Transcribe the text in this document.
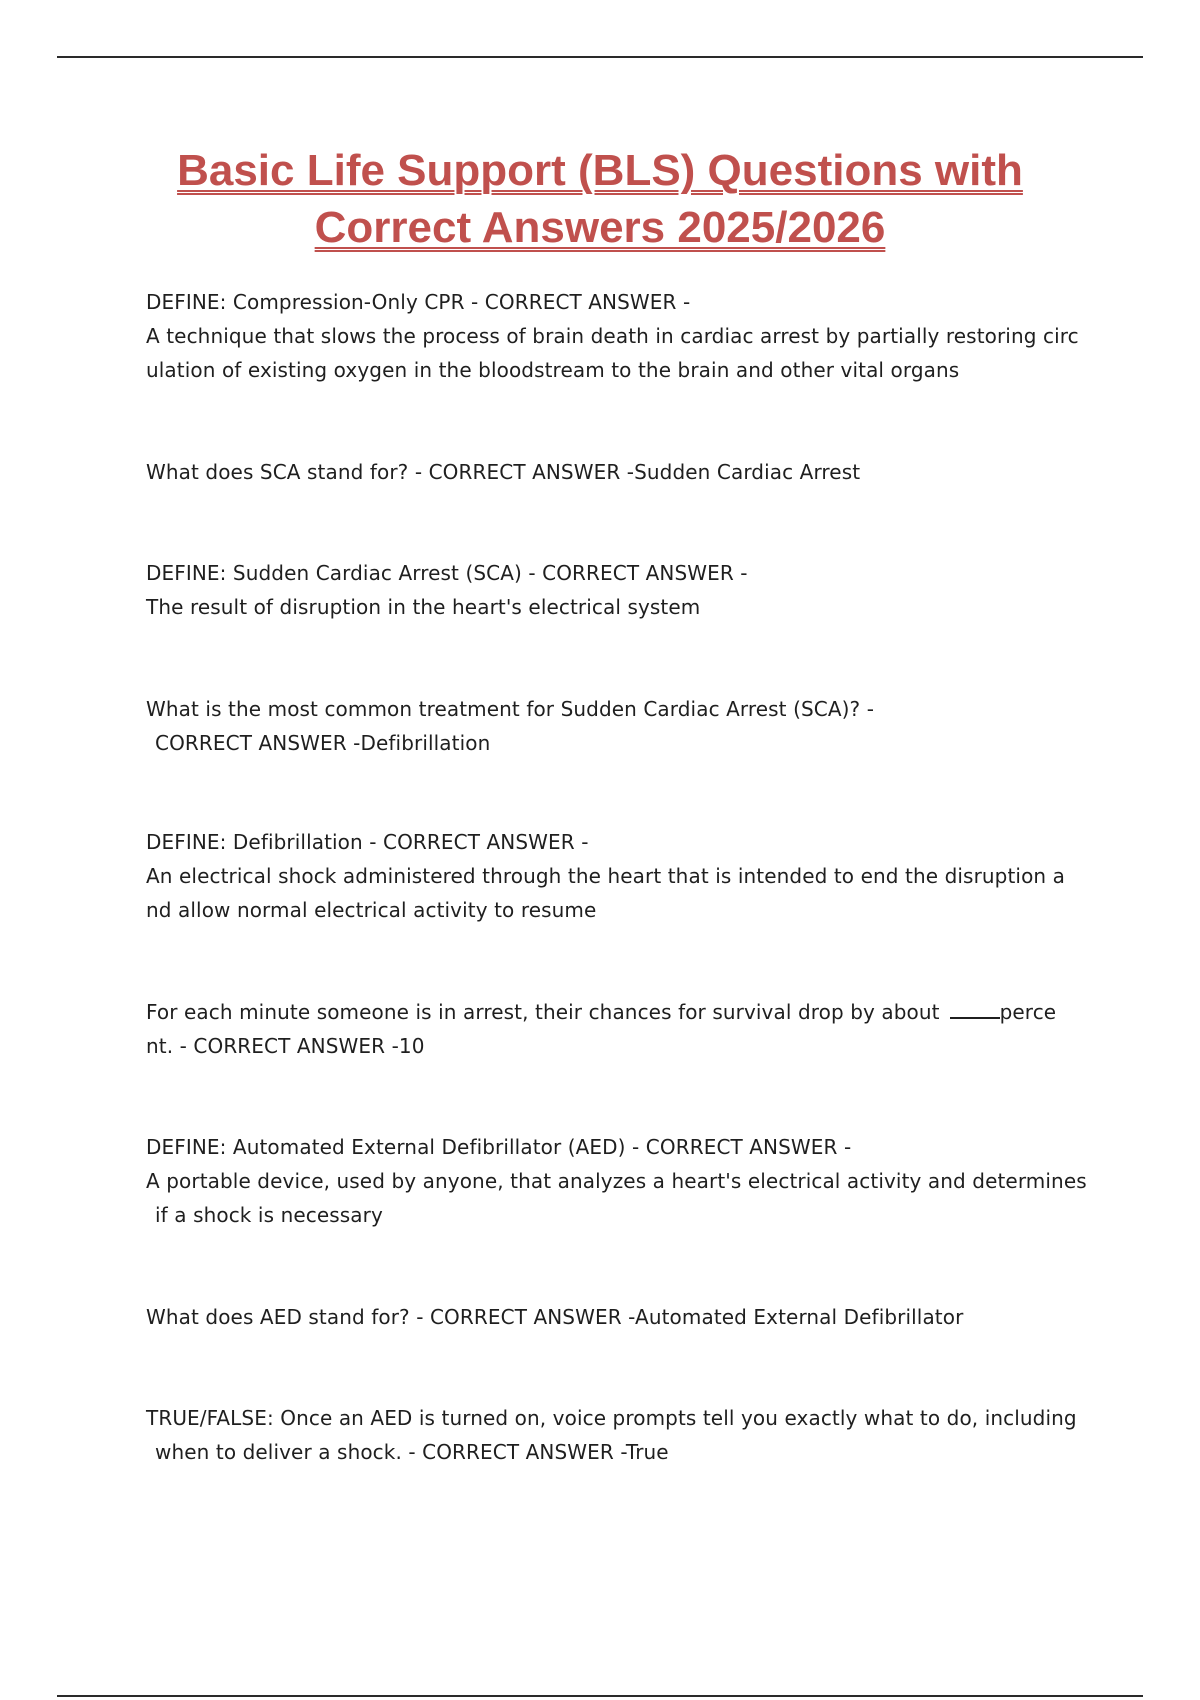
Basic Life Support (BLS) Questions with
Correct Answers 2025/2026
DEFINE: Compression-Only CPR - CORRECT ANSWER -
A technique that slows the process of brain death in cardiac arrest by partially restoring circ
ulation of existing oxygen in the bloodstream to the brain and other vital organs
What does SCA stand for? - CORRECT ANSWER -Sudden Cardiac Arrest
DEFINE: Sudden Cardiac Arrest (SCA) - CORRECT ANSWER -
The result of disruption in the heart's electrical system
What is the most common treatment for Sudden Cardiac Arrest (SCA)? -
CORRECT ANSWER -Defibrillation
DEFINE: Defibrillation - CORRECT ANSWER -
An electrical shock administered through the heart that is intended to end the disruption a
nd allow normal electrical activity to resume
For each minute someone is in arrest, their chances for survival drop by about	perce
nt. - CORRECT ANSWER -10
DEFINE: Automated External Defibrillator (AED) - CORRECT ANSWER -
A portable device, used by anyone, that analyzes a heart's electrical activity and determines
if a shock is necessary
What does AED stand for? - CORRECT ANSWER -Automated External Defibrillator
TRUE/FALSE: Once an AED is turned on, voice prompts tell you exactly what to do, including
when to deliver a shock. - CORRECT ANSWER -True
